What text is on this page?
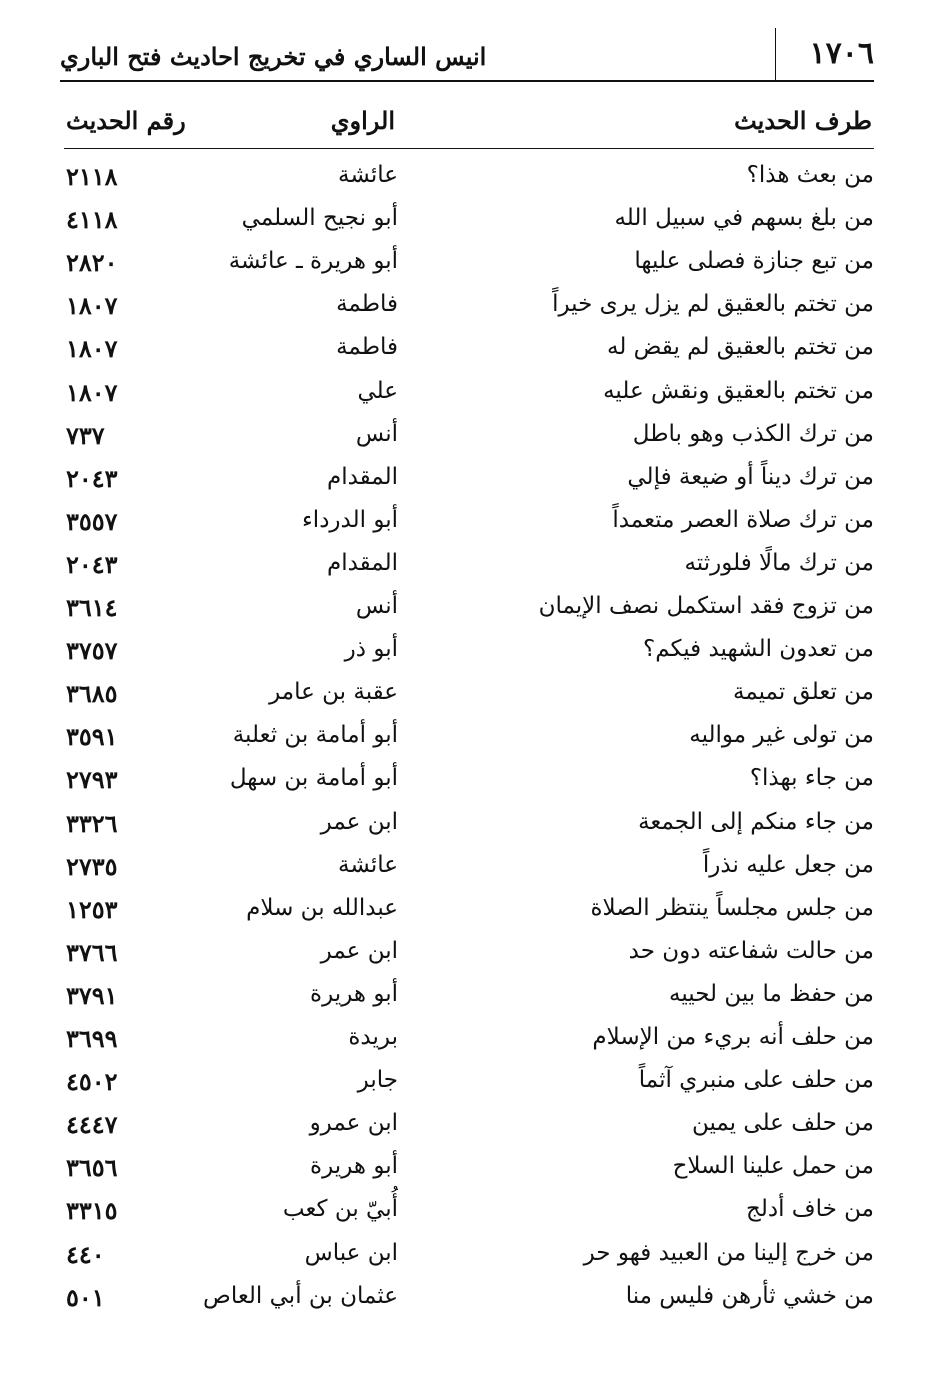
١٧٠٦
انيس الساري في تخريج احاديث فتح الباري
طرف الحديث
الراوي
رقم الحديث
من بعث هذا؟
عائشة
٢١١٨
من بلغ بسهم في سبيل الله
أبو نجيح السلمي
٤١١٨
من تبع جنازة فصلى عليها
أبو هريرة ـ عائشة
٢٨٢٠
من تختم بالعقيق لم يزل يرى خيراً
فاطمة
١٨٠٧
من تختم بالعقيق لم يقض له
فاطمة
١٨٠٧
من تختم بالعقيق ونقش عليه
علي
١٨٠٧
من ترك الكذب وهو باطل
أنس
٧٣٧
من ترك ديناً أو ضيعة فإلي
المقدام
٢٠٤٣
من ترك صلاة العصر متعمداً
أبو الدرداء
٣٥٥٧
من ترك مالًا فلورثته
المقدام
٢٠٤٣
من تزوج فقد استكمل نصف الإيمان
أنس
٣٦١٤
من تعدون الشهيد فيكم؟
أبو ذر
٣٧٥٧
من تعلق تميمة
عقبة بن عامر
٣٦٨٥
من تولى غير مواليه
أبو أمامة بن ثعلبة
٣٥٩١
من جاء بهذا؟
أبو أمامة بن سهل
٢٧٩٣
من جاء منكم إلى الجمعة
ابن عمر
٣٣٢٦
من جعل عليه نذراً
عائشة
٢٧٣٥
من جلس مجلساً ينتظر الصلاة
عبدالله بن سلام
١٢٥٣
من حالت شفاعته دون حد
ابن عمر
٣٧٦٦
من حفظ ما بين لحييه
أبو هريرة
٣٧٩١
من حلف أنه بريء من الإسلام
بريدة
٣٦٩٩
من حلف على منبري آثماً
جابر
٤٥٠٢
من حلف على يمين
ابن عمرو
٤٤٤٧
من حمل علينا السلاح
أبو هريرة
٣٦٥٦
من خاف أدلج
أُبيّ بن كعب
٣٣١٥
من خرج إلينا من العبيد فهو حر
ابن عباس
٤٤٠
من خشي ثأرهن فليس منا
عثمان بن أبي العاص
٥٠١
